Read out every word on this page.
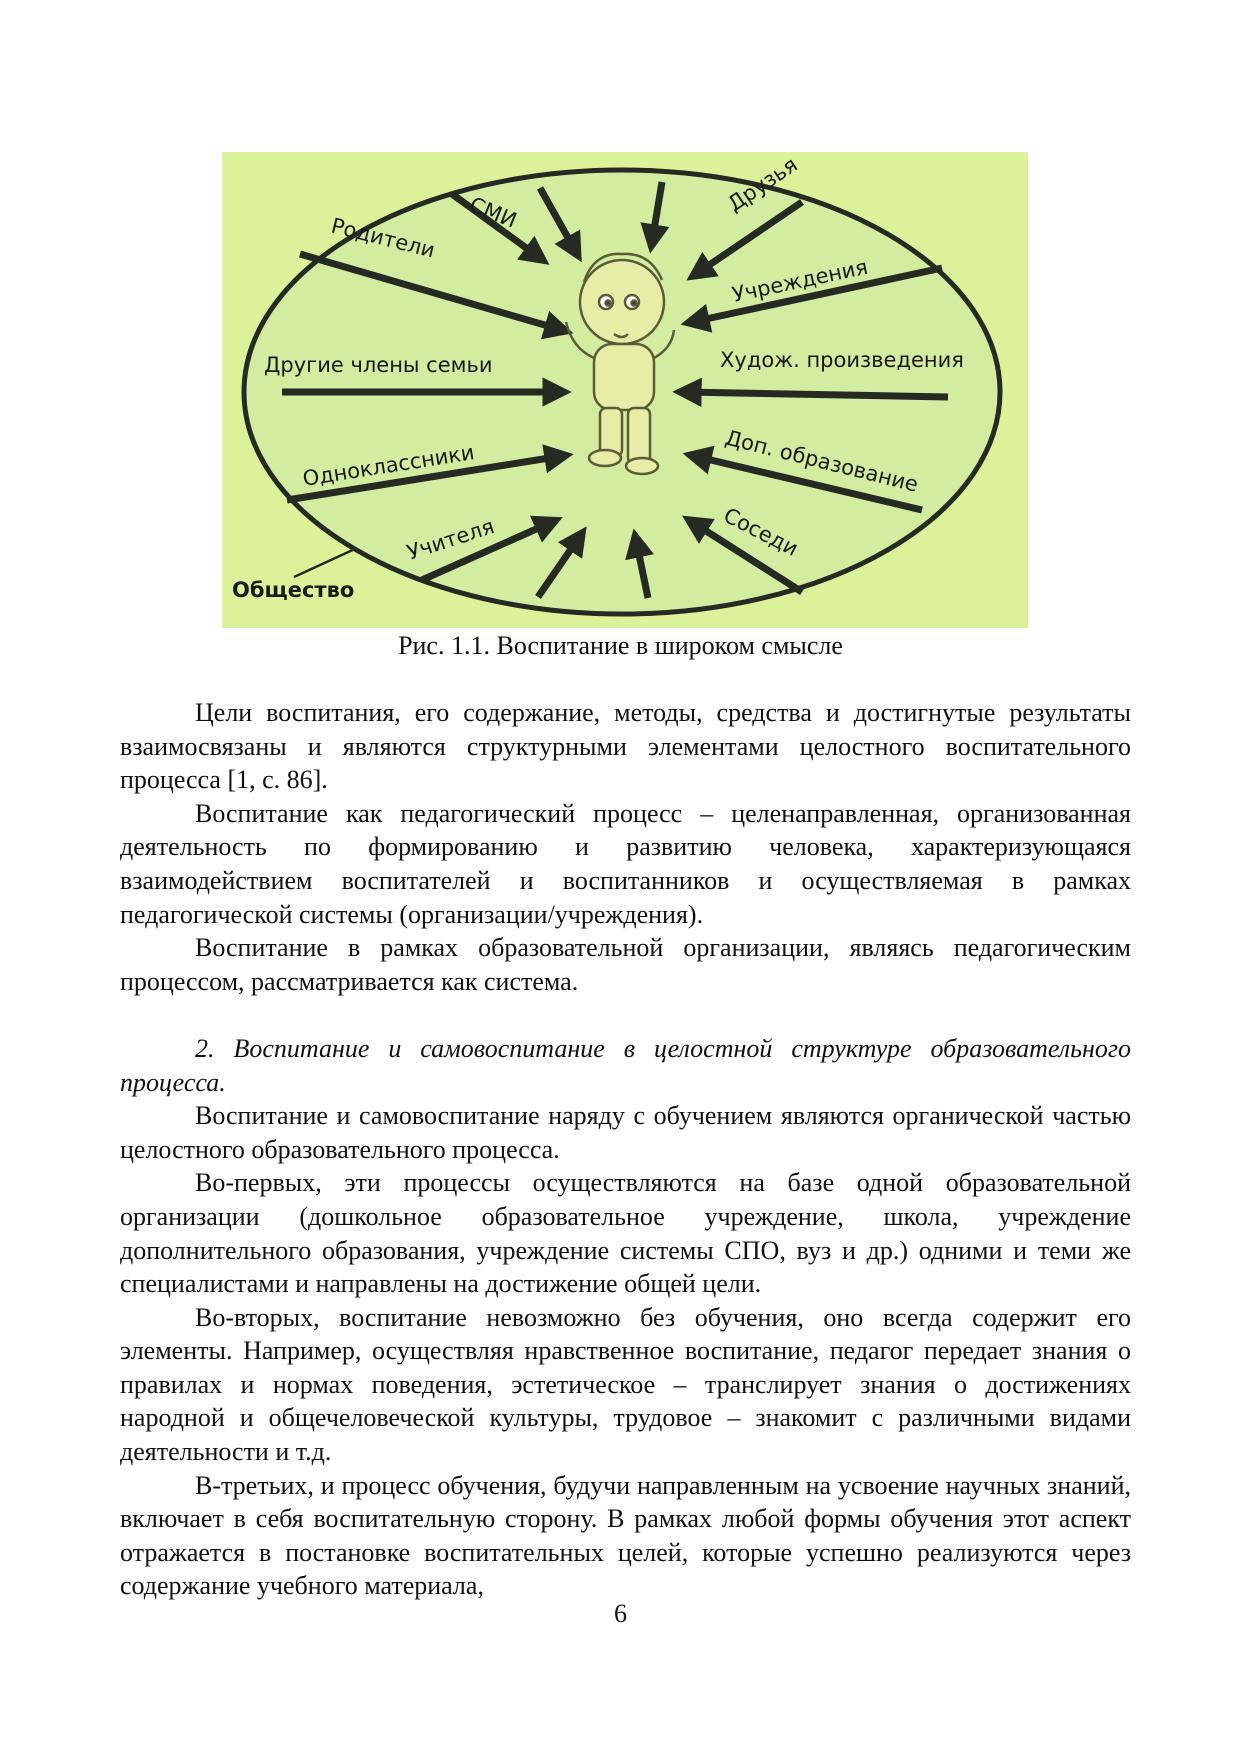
СМИ	Друзья
Родители
Учреждения
Другие члены семьи	Худож. произведения
Одноклассники	Доп. образование
Учителя	Соседи
Общество
Рис. 1.1. Воспитание в широком смысле

Цели воспитания, его содержание, методы, средства и достигнутые результаты взаимосвязаны и являются структурными элементами целостного воспитательного процесса [1, с. 86].

Воспитание как педагогический процесс – целенаправленная, организованная деятельность по формированию и развитию человека, характеризующаяся взаимодействием воспитателей и воспитанников и осуществляемая в рамках педагогической системы (организации/учреждения).

Воспитание в рамках образовательной организации, являясь педагогическим процессом, рассматривается как система.

2. Воспитание и самовоспитание в целостной структуре образовательного процесса.

Воспитание и самовоспитание наряду с обучением являются органической частью целостного образовательного процесса.

Во-первых, эти процессы осуществляются на базе одной образовательной организации (дошкольное образовательное учреждение, школа, учреждение дополнительного образования, учреждение системы СПО, вуз и др.) одними и теми же специалистами и направлены на достижение общей цели.

Во-вторых, воспитание невозможно без обучения, оно всегда содержит его элементы. Например, осуществляя нравственное воспитание, педагог передает знания о правилах и нормах поведения, эстетическое – транслирует знания о достижениях народной и общечеловеческой культуры, трудовое – знакомит с различными видами деятельности и т.д.

В-третьих, и процесс обучения, будучи направленным на усвоение научных знаний, включает в себя воспитательную сторону. В рамках любой формы обучения этот аспект отражается в постановке воспитательных целей, которые успешно реализуются через содержание учебного материала,

6
